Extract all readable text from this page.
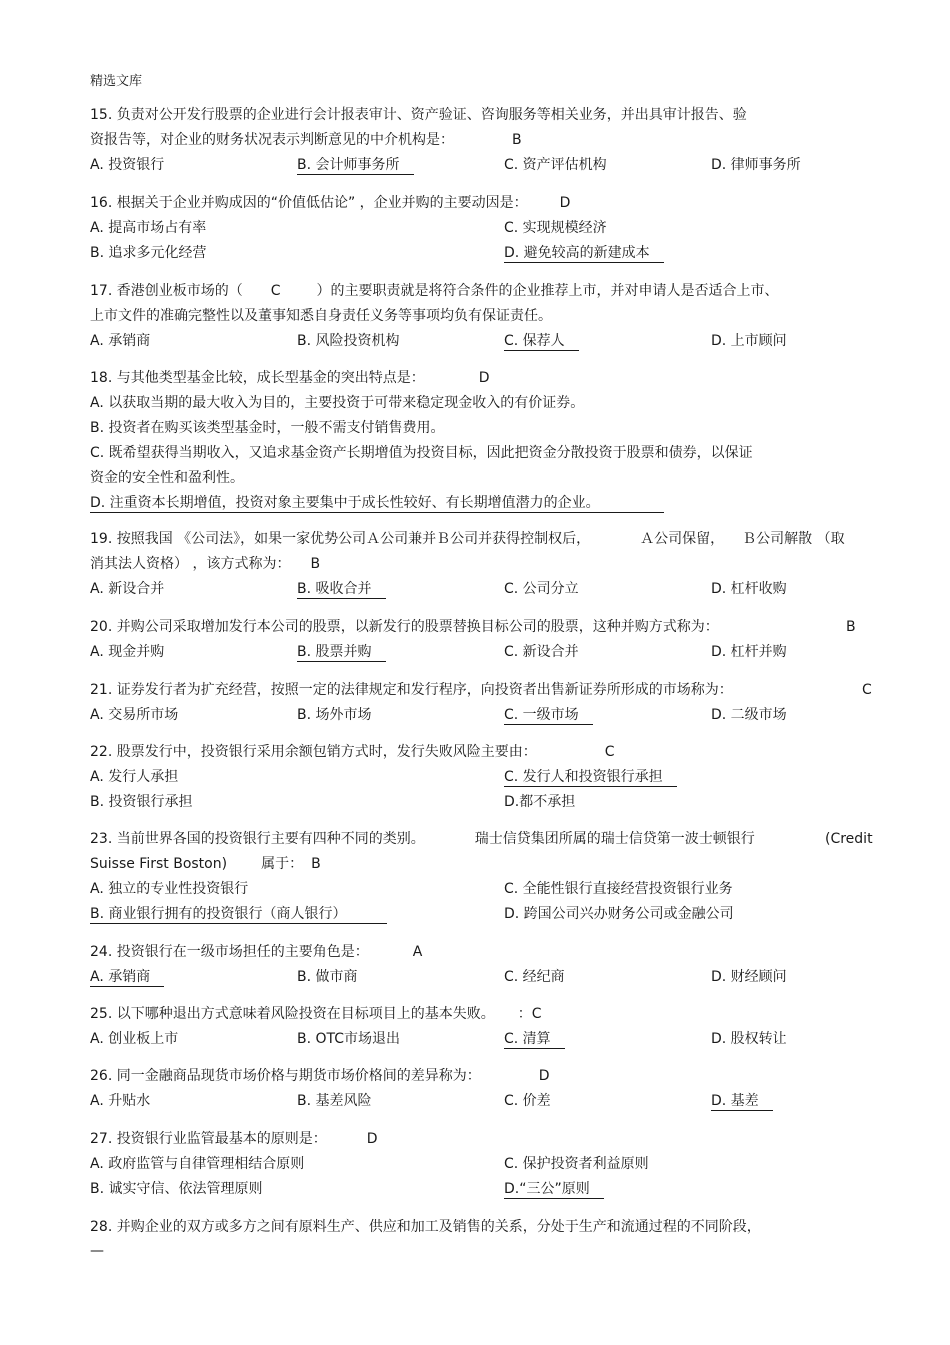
精选文库
15. 负责对公开发行股票的企业进行会计报表审计、资产验证、咨询服务等相关业务，并出具审计报告、验
资报告等，对企业的财务状况表示判断意见的中介机构是：	B
A. 投资银行	B. 会计师事务所	C. 资产评估机构	D. 律师事务所
16. 根据关于企业并购成因的“价值低估论” ，企业并购的主要动因是： D
A. 提高市场占有率	C. 实现规模经济
B. 追求多元化经营	D. 避免较高的新建成本
17. 香港创业板市场的（ C	）的主要职责就是将符合条件的企业推荐上市，并对申请人是否适合上市、
上市文件的准确完整性以及董事知悉自身责任义务等事项均负有保证责任。
A. 承销商	B. 风险投资机构	C. 保荐人	D. 上市顾问
18. 与其他类型基金比较，成长型基金的突出特点是：	D
A. 以获取当期的最大收入为目的，主要投资于可带来稳定现金收入的有价证券。
B. 投资者在购买该类型基金时，一般不需支付销售费用。
C. 既希望获得当期收入，又追求基金资产长期增值为投资目标，因此把资金分散投资于股票和债券，以保证
资金的安全性和盈利性。
D. 注重资本长期增值，投资对象主要集中于成长性较好、有长期增值潜力的企业。
19. 按照我国 《公司法》，如果一家优势公司Ａ公司兼并Ｂ公司并获得控制权后，	Ａ公司保留， Ｂ公司解散 （取
消其法人资格） ，该方式称为： B
A. 新设合并	B. 吸收合并	C. 公司分立	D. 杠杆收购
20. 并购公司采取增加发行本公司的股票，以新发行的股票替换目标公司的股票，这种并购方式称为：	B
A. 现金并购	B. 股票并购	C. 新设合并	D. 杠杆并购
21. 证券发行者为扩充经营，按照一定的法律规定和发行程序，向投资者出售新证券所形成的市场称为：	C
A. 交易所市场	B. 场外市场	C. 一级市场	D. 二级市场
22. 股票发行中，投资银行采用余额包销方式时，发行失败风险主要由：	C
A. 发行人承担	C. 发行人和投资银行承担
B. 投资银行承担	D.都不承担
23. 当前世界各国的投资银行主要有四种不同的类别。	瑞士信贷集团所属的瑞士信贷第一波士顿银行	(Credit
Suisse First Boston) 属于： B
A. 独立的专业性投资银行	C. 全能性银行直接经营投资银行业务
B. 商业银行拥有的投资银行（商人银行）	D. 跨国公司兴办财务公司或金融公司
24. 投资银行在一级市场担任的主要角色是：	A
A. 承销商	B. 做市商	C. 经纪商	D. 财经顾问
25. 以下哪种退出方式意味着风险投资在目标项目上的基本失败。 ：C
A. 创业板上市	B. OTC市场退出	C. 清算	D. 股权转让
26. 同一金融商品现货市场价格与期货市场价格间的差异称为：	D
A. 升贴水	B. 基差风险	C. 价差	D. 基差
27. 投资银行业监管最基本的原则是：	D
A. 政府监管与自律管理相结合原则	C. 保护投资者利益原则
B. 诚实守信、依法管理原则	D.“三公”原则
28. 并购企业的双方或多方之间有原料生产、供应和加工及销售的关系，分处于生产和流通过程的不同阶段，
—
